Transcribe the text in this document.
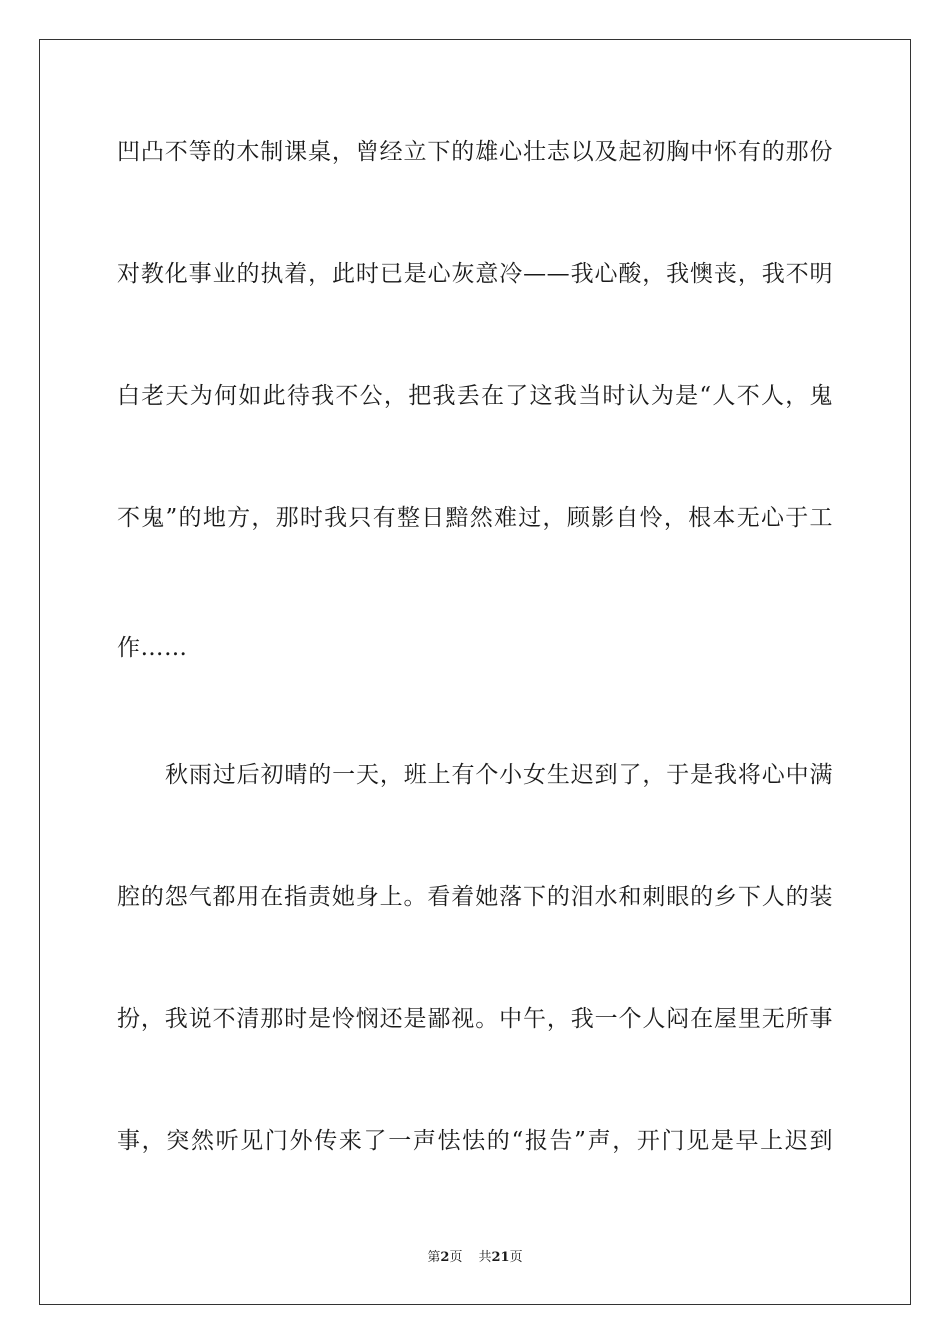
凹凸不等的木制课桌，曾经立下的雄心壮志以及起初胸中怀有的那份
对教化事业的执着，此时已是心灰意冷——我心酸，我懊丧，我不明
白老天为何如此待我不公，把我丢在了这我当时认为是“人不人，鬼
不鬼”的地方，那时我只有整日黯然难过，顾影自怜，根本无心于工
作……
秋雨过后初晴的一天，班上有个小女生迟到了，于是我将心中满
腔的怨气都用在指责她身上。看着她落下的泪水和刺眼的乡下人的装
扮，我说不清那时是怜悯还是鄙视。中午，我一个人闷在屋里无所事
事，突然听见门外传来了一声怯怯的“报告”声，开门见是早上迟到
第2页 共21页
